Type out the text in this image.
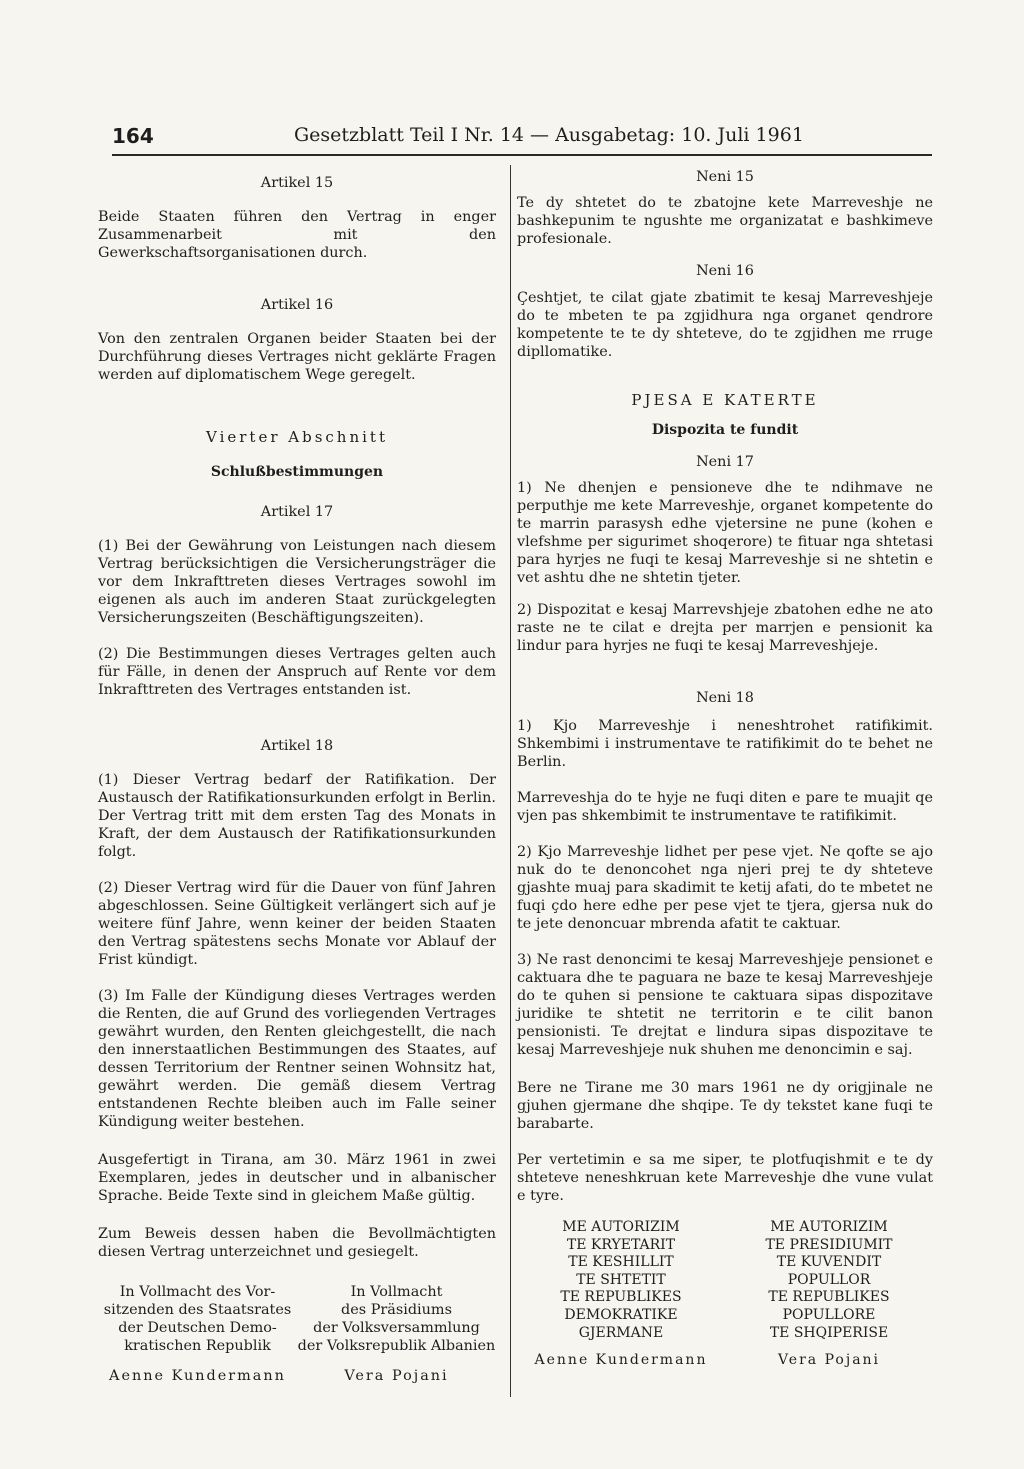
164	Gesetzblatt Teil I Nr. 14 — Ausgabetag: 10. Juli 1961

Artikel 15

Beide Staaten führen den Vertrag in enger Zusammenarbeit mit den Gewerkschaftsorganisationen durch.

Artikel 16

Von den zentralen Organen beider Staaten bei der Durchführung dieses Vertrages nicht geklärte Fragen werden auf diplomatischem Wege geregelt.

Vierter Abschnitt

Schlußbestimmungen

Artikel 17

(1) Bei der Gewährung von Leistungen nach diesem Vertrag berücksichtigen die Versicherungsträger die vor dem Inkrafttreten dieses Vertrages sowohl im eigenen als auch im anderen Staat zurückgelegten Versicherungszeiten (Beschäftigungszeiten).

(2) Die Bestimmungen dieses Vertrages gelten auch für Fälle, in denen der Anspruch auf Rente vor dem Inkrafttreten des Vertrages entstanden ist.

Artikel 18

(1) Dieser Vertrag bedarf der Ratifikation. Der Austausch der Ratifikationsurkunden erfolgt in Berlin. Der Vertrag tritt mit dem ersten Tag des Monats in Kraft, der dem Austausch der Ratifikationsurkunden folgt.

(2) Dieser Vertrag wird für die Dauer von fünf Jahren abgeschlossen. Seine Gültigkeit verlängert sich auf je weitere fünf Jahre, wenn keiner der beiden Staaten den Vertrag spätestens sechs Monate vor Ablauf der Frist kündigt.

(3) Im Falle der Kündigung dieses Vertrages werden die Renten, die auf Grund des vorliegenden Vertrages gewährt wurden, den Renten gleichgestellt, die nach den innerstaatlichen Bestimmungen des Staates, auf dessen Territorium der Rentner seinen Wohnsitz hat, gewährt werden. Die gemäß diesem Vertrag entstandenen Rechte bleiben auch im Falle seiner Kündigung weiter bestehen.

Ausgefertigt in Tirana, am 30. März 1961 in zwei Exemplaren, jedes in deutscher und in albanischer Sprache. Beide Texte sind in gleichem Maße gültig.

Zum Beweis dessen haben die Bevollmächtigten diesen Vertrag unterzeichnet und gesiegelt.

In Vollmacht des Vor-

sitzenden des Staatsrates

der Deutschen Demo-

kratischen Republik

Aenne Kundermann

In Vollmacht

des Präsidiums

der Volksversammlung

der Volksrepublik Albanien

Vera Pojani

Neni 15

Te dy shtetet do te zbatojne kete Marreveshje ne bashkepunim te ngushte me organizatat e bashkimeve profesionale.

Neni 16

Çeshtjet, te cilat gjate zbatimit te kesaj Marreveshjeje do te mbeten te pa zgjidhura nga organet qendrore kompetente te te dy shteteve, do te zgjidhen me rruge dipllomatike.

PJESA E KATERTE

Dispozita te fundit

Neni 17

1) Ne dhenjen e pensioneve dhe te ndihmave ne perputhje me kete Marreveshje, organet kompetente do te marrin parasysh edhe vjetersine ne pune (kohen e vlefshme per sigurimet shoqerore) te fituar nga shtetasi para hyrjes ne fuqi te kesaj Marreveshje si ne shtetin e vet ashtu dhe ne shtetin tjeter.

2) Dispozitat e kesaj Marrevshjeje zbatohen edhe ne ato raste ne te cilat e drejta per marrjen e pensionit ka lindur para hyrjes ne fuqi te kesaj Marreveshjeje.

Neni 18

1) Kjo Marreveshje i neneshtrohet ratifikimit. Shkembimi i instrumentave te ratifikimit do te behet ne Berlin.

Marreveshja do te hyje ne fuqi diten e pare te muajit qe vjen pas shkembimit te instrumentave te ratifikimit.

2) Kjo Marreveshje lidhet per pese vjet. Ne qofte se ajo nuk do te denoncohet nga njeri prej te dy shteteve gjashte muaj para skadimit te ketij afati, do te mbetet ne fuqi çdo here edhe per pese vjet te tjera, gjersa nuk do te jete denoncuar mbrenda afatit te caktuar.

3) Ne rast denoncimi te kesaj Marreveshjeje pensionet e caktuara dhe te paguara ne baze te kesaj Marreveshjeje do te quhen si pensione te caktuara sipas dispozitave juridike te shtetit ne territorin e te cilit banon pensionisti. Te drejtat e lindura sipas dispozitave te kesaj Marreveshjeje nuk shuhen me denoncimin e saj.

Bere ne Tirane me 30 mars 1961 ne dy origjinale ne gjuhen gjermane dhe shqipe. Te dy tekstet kane fuqi te barabarte.

Per vertetimin e sa me siper, te plotfuqishmit e te dy shteteve neneshkruan kete Marreveshje dhe vune vulat e tyre.

ME AUTORIZIM

TE KRYETARIT

TE KESHILLIT

TE SHTETIT

TE REPUBLIKES

DEMOKRATIKE

GJERMANE

Aenne Kundermann

ME AUTORIZIM

TE PRESIDIUMIT

TE KUVENDIT

POPULLOR

TE REPUBLIKES

POPULLORE

TE SHQIPERISE

Vera Pojani
